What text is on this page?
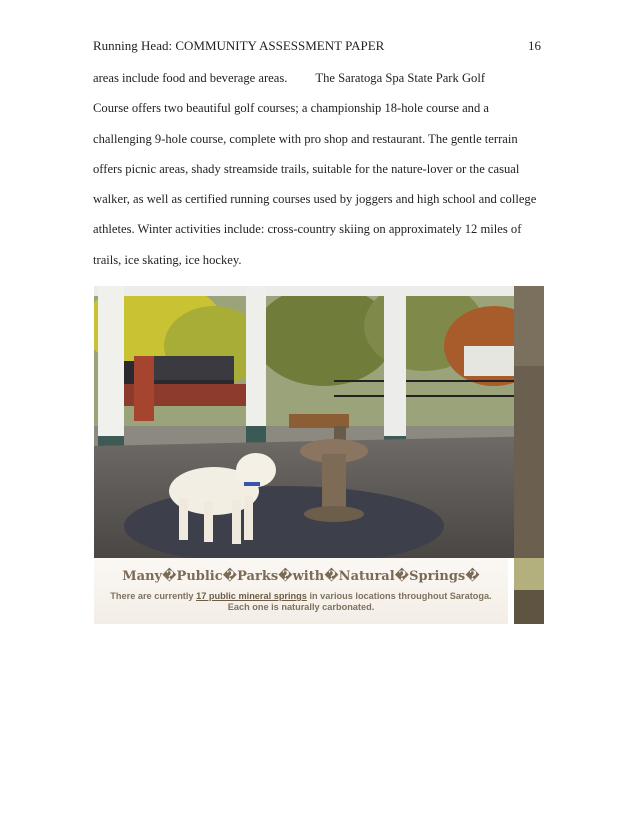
Running Head: COMMUNITY ASSESSMENT PAPER	16
areas include food and beverage areas. The Saratoga Spa State Park Golf
Course offers two beautiful golf courses; a championship 18-hole course and a
challenging 9-hole course, complete with pro shop and restaurant. The gentle terrain
offers picnic areas, shady streamside trails, suitable for the nature-lover or the casual
walker, as well as certified running courses used by joggers and high school and college
athletes. Winter activities include: cross-country skiing on approximately 12 miles of
trails, ice skating, ice hockey.
Many�Public�Parks�with�Natural�Springs�
There are currently 17 public mineral springs in various locations throughout Saratoga. Each one is naturally carbonated.
